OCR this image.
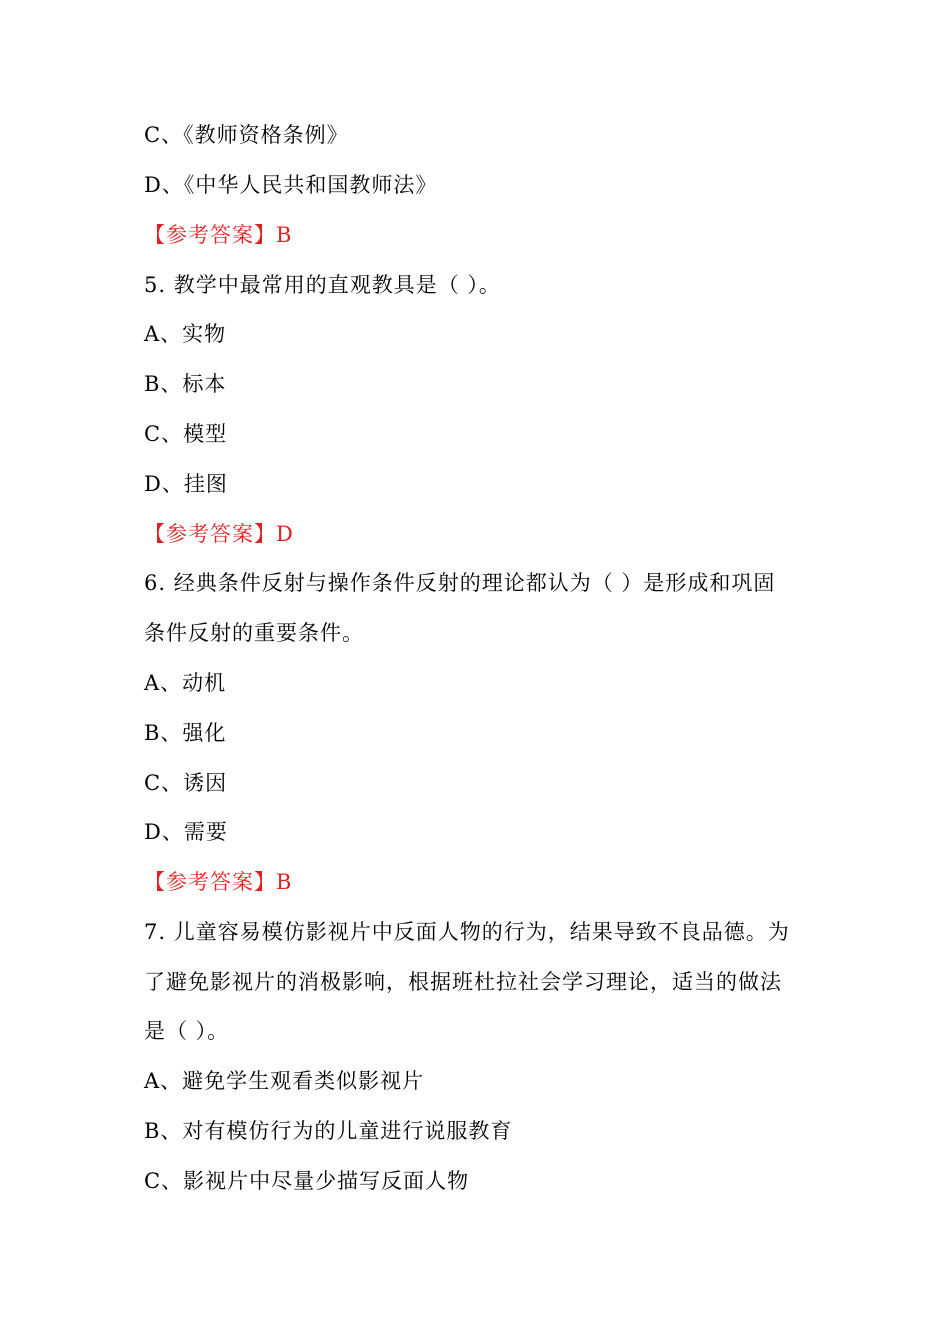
C、《教师资格条例》
D、《中华人民共和国教师法》
【参考答案】B
5. 教学中最常用的直观教具是（ ）。
A、实物
B、标本
C、模型
D、挂图
【参考答案】D
6. 经典条件反射与操作条件反射的理论都认为（ ）是形成和巩固
条件反射的重要条件。
A、动机
B、强化
C、诱因
D、需要
【参考答案】B
7. 儿童容易模仿影视片中反面人物的行为，结果导致不良品德。为
了避免影视片的消极影响，根据班杜拉社会学习理论，适当的做法
是（ ）。
A、避免学生观看类似影视片
B、对有模仿行为的儿童进行说服教育
C、影视片中尽量少描写反面人物
